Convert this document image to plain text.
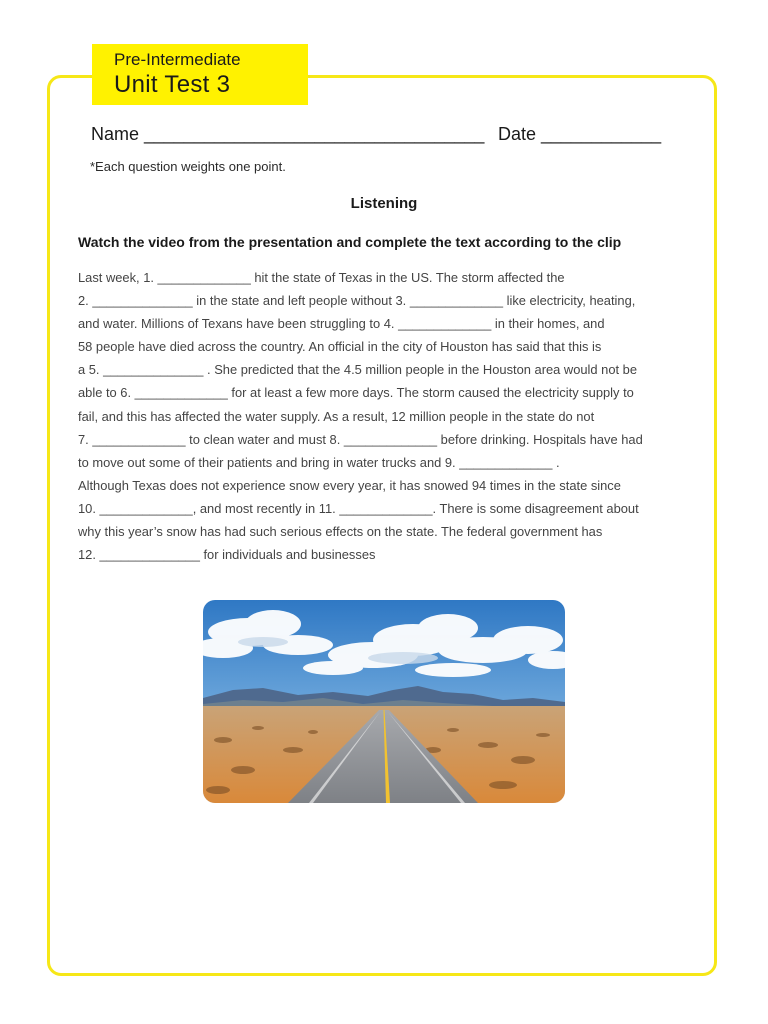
Pre-Intermediate
Unit Test 3
Name __________________________________ Date ____________
*Each question weights one point.
Listening
Watch the video from the presentation and complete the text according to the clip
Last week, 1. _____________ hit the state of Texas in the US. The storm affected the
2. ______________ in the state and left people without 3. _____________ like electricity, heating,
and water. Millions of Texans have been struggling to 4. _____________ in their homes, and
58 people have died across the country. An official in the city of Houston has said that this is
a 5. ______________ . She predicted that the 4.5 million people in the Houston area would not be
able to 6. _____________ for at least a few more days. The storm caused the electricity supply to
fail, and this has affected the water supply. As a result, 12 million people in the state do not
7. _____________ to clean water and must 8. _____________ before drinking. Hospitals have had
to move out some of their patients and bring in water trucks and 9. _____________ .
Although Texas does not experience snow every year, it has snowed 94 times in the state since
10. _____________, and most recently in 11. _____________. There is some disagreement about
why this year’s snow has had such serious effects on the state. The federal government has
12. ______________ for individuals and businesses
